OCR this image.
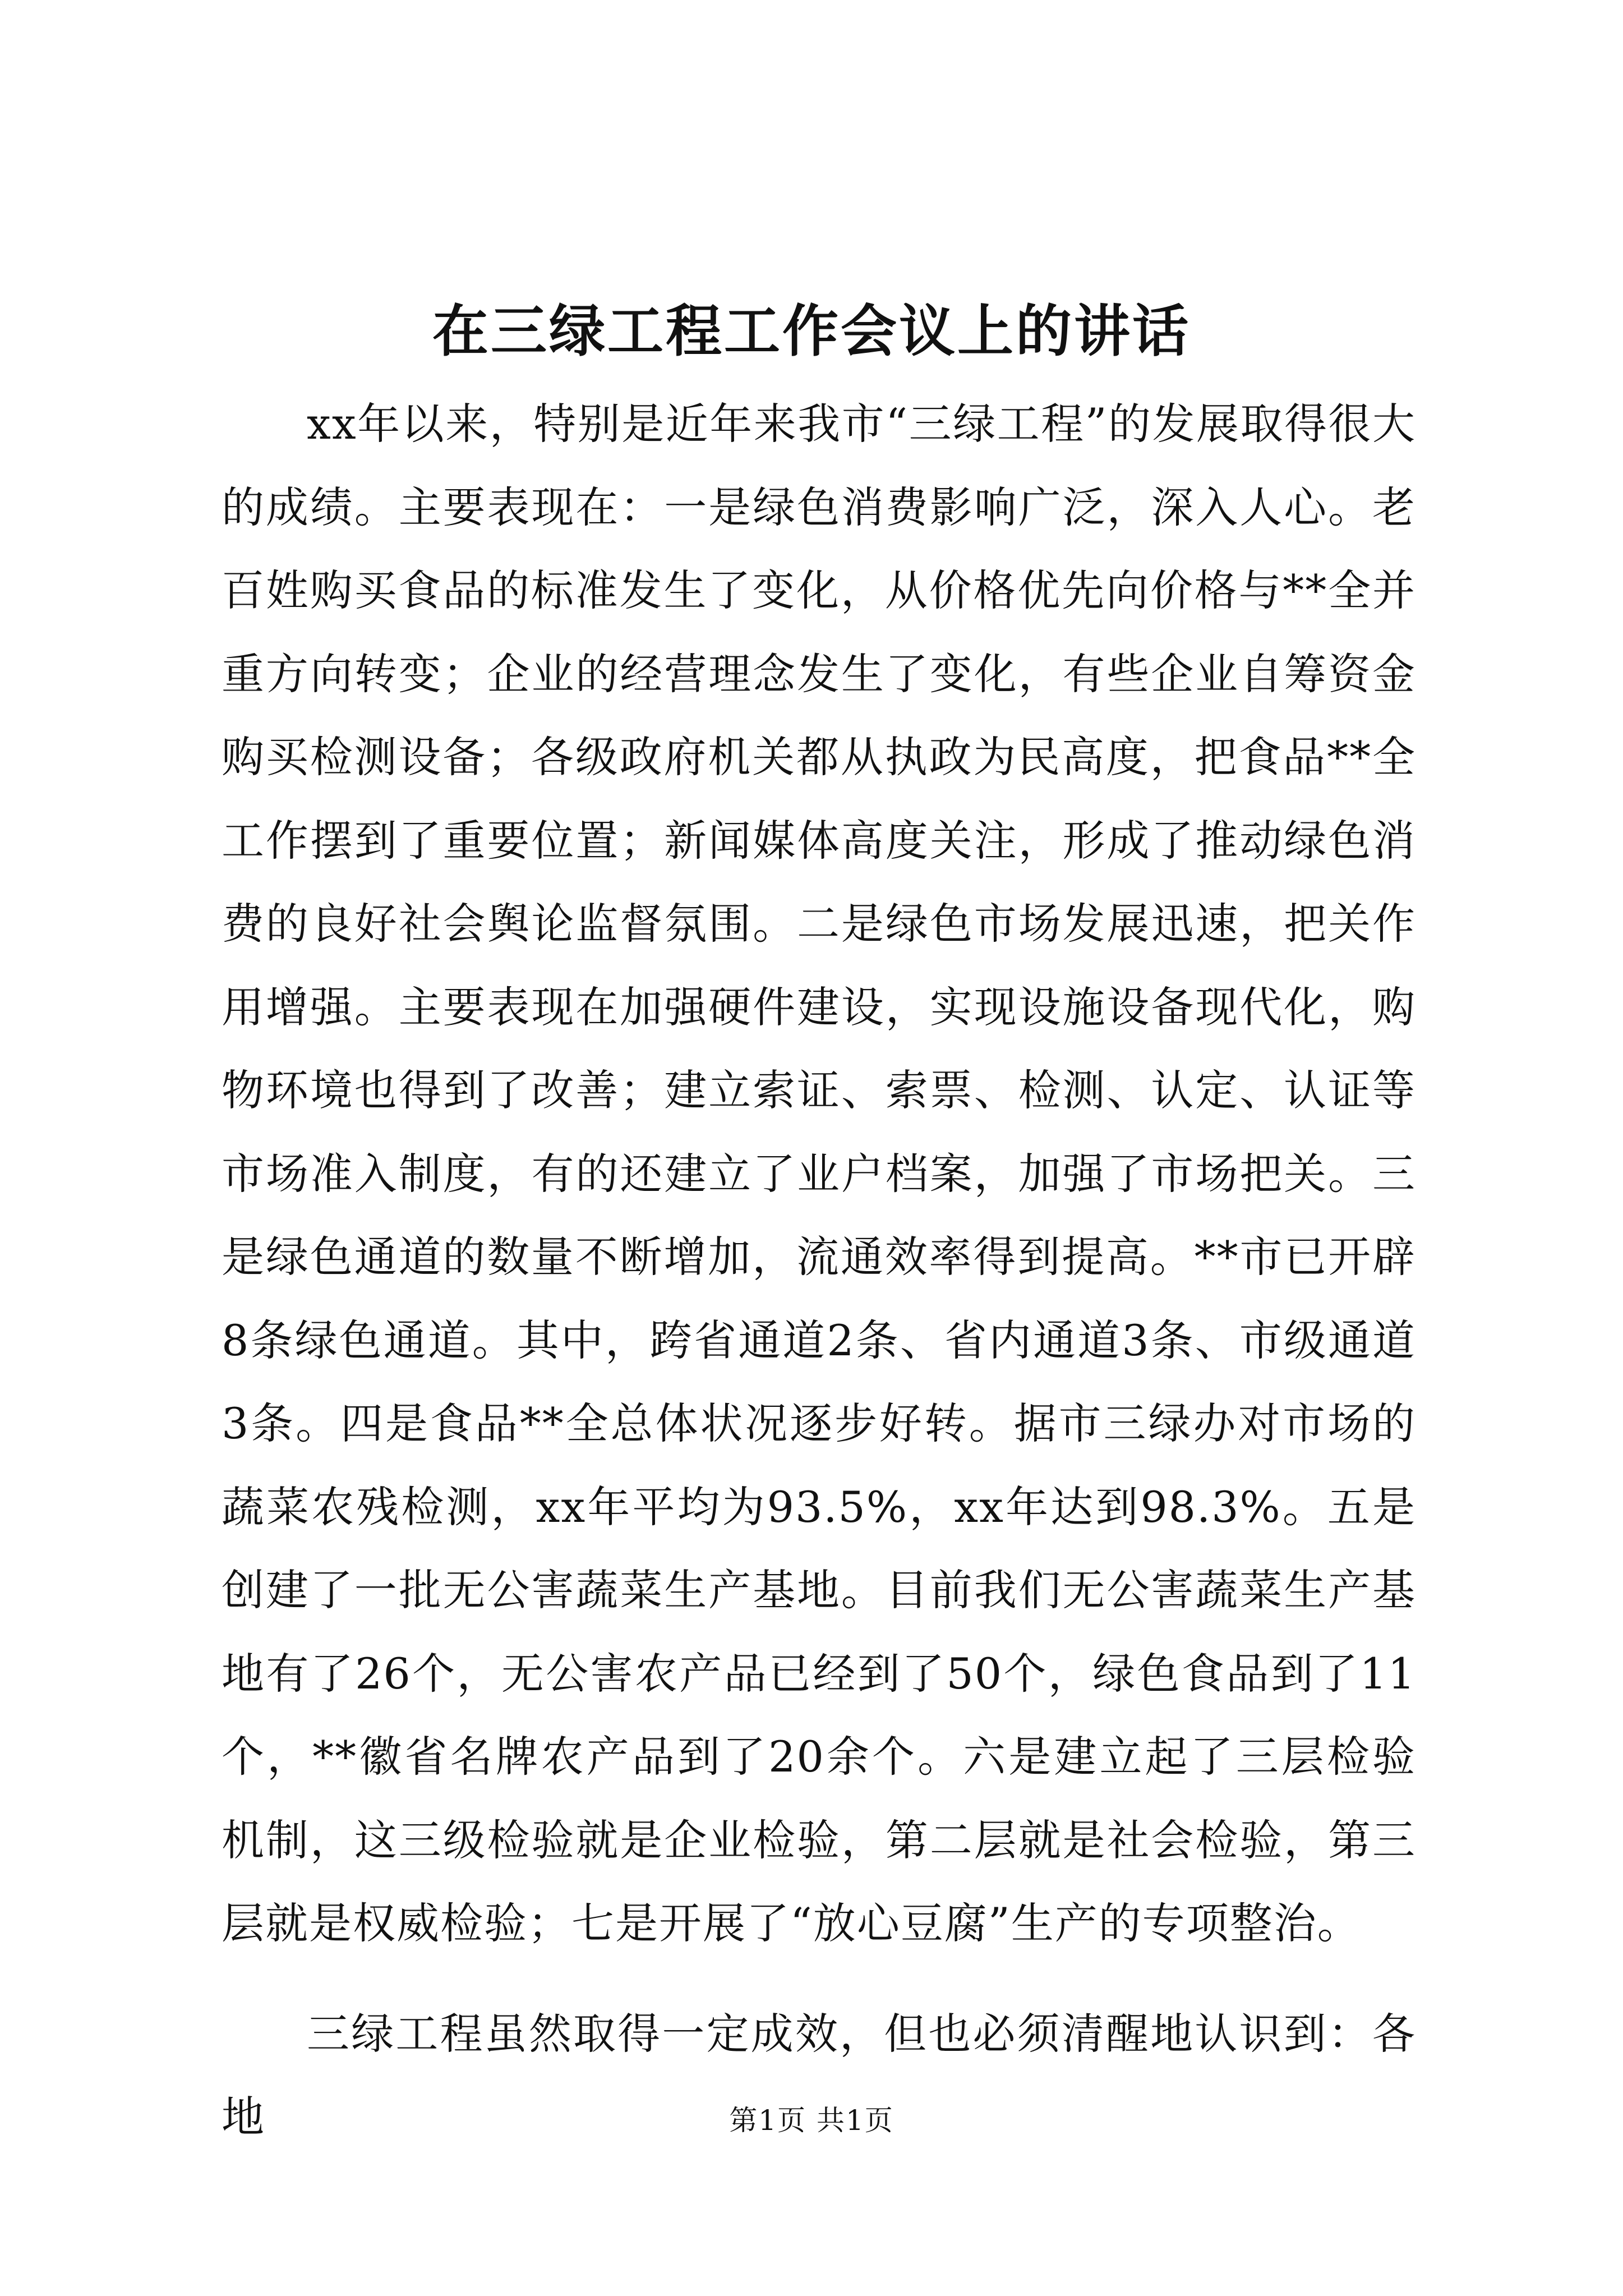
在三绿工程工作会议上的讲话

xx年以来，特别是近年来我市“三绿工程”的发展取得很大的成绩。主要表现在：一是绿色消费影响广泛，深入人心。老百姓购买食品的标准发生了变化，从价格优先向价格与**全并重方向转变；企业的经营理念发生了变化，有些企业自筹资金购买检测设备；各级政府机关都从执政为民高度，把食品**全工作摆到了重要位置；新闻媒体高度关注，形成了推动绿色消费的良好社会舆论监督氛围。二是绿色市场发展迅速，把关作用增强。主要表现在加强硬件建设，实现设施设备现代化，购物环境也得到了改善；建立索证、索票、检测、认定、认证等市场准入制度，有的还建立了业户档案，加强了市场把关。三是绿色通道的数量不断增加，流通效率得到提高。**市已开辟8条绿色通道。其中，跨省通道2条、省内通道3条、市级通道3条。四是食品**全总体状况逐步好转。据市三绿办对市场的蔬菜农残检测，xx年平均为93.5%，xx年达到98.3%。五是创建了一批无公害蔬菜生产基地。目前我们无公害蔬菜生产基地有了26个，无公害农产品已经到了50个，绿色食品到了11个，**徽省名牌农产品到了20余个。六是建立起了三层检验机制，这三级检验就是企业检验，第二层就是社会检验，第三层就是权威检验；七是开展了“放心豆腐”生产的专项整治。

三绿工程虽然取得一定成效，但也必须清醒地认识到：各地	第1页 共1页
